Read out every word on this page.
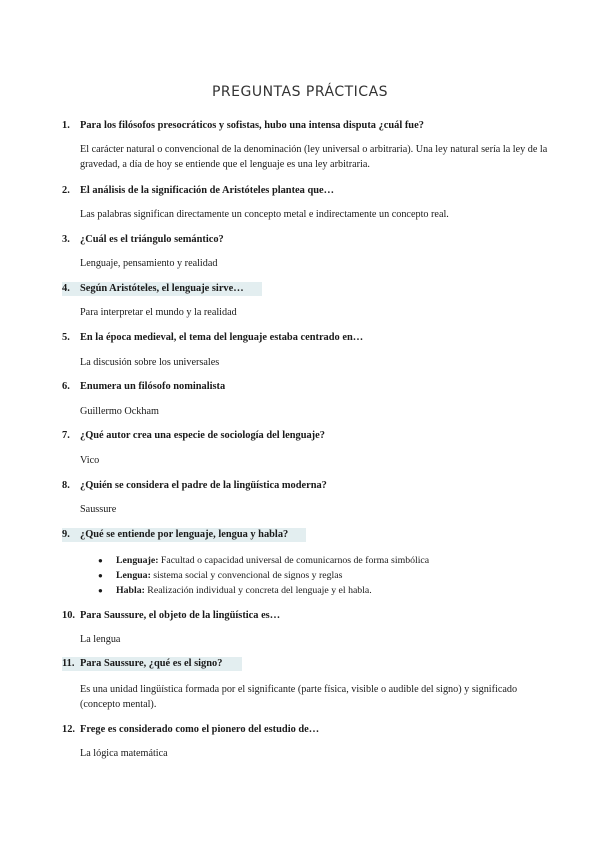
PREGUNTAS PRÁCTICAS
1. Para los filósofos presocráticos y sofistas, hubo una intensa disputa ¿cuál fue?
El carácter natural o convencional de la denominación (ley universal o arbitraria). Una ley natural sería la ley de la gravedad, a día de hoy se entiende que el lenguaje es una ley arbitraria.
2. El análisis de la significación de Aristóteles plantea que…
Las palabras significan directamente un concepto metal e indirectamente un concepto real.
3. ¿Cuál es el triángulo semántico?
Lenguaje, pensamiento y realidad
4. Según Aristóteles, el lenguaje sirve…
Para interpretar el mundo y la realidad
5. En la época medieval, el tema del lenguaje estaba centrado en…
La discusión sobre los universales
6. Enumera un filósofo nominalista
Guillermo Ockham
7. ¿Qué autor crea una especie de sociología del lenguaje?
Vico
8. ¿Quién se considera el padre de la lingüística moderna?
Saussure
9. ¿Qué se entiende por lenguaje, lengua y habla?
● Lenguaje: Facultad o capacidad universal de comunicarnos de forma simbólica
● Lengua: sistema social y convencional de signos y reglas
● Habla: Realización individual y concreta del lenguaje y el habla.
10. Para Saussure, el objeto de la lingüística es…
La lengua
11. Para Saussure, ¿qué es el signo?
Es una unidad lingüística formada por el significante (parte física, visible o audible del signo) y significado (concepto mental).
12. Frege es considerado como el pionero del estudio de…
La lógica matemática
